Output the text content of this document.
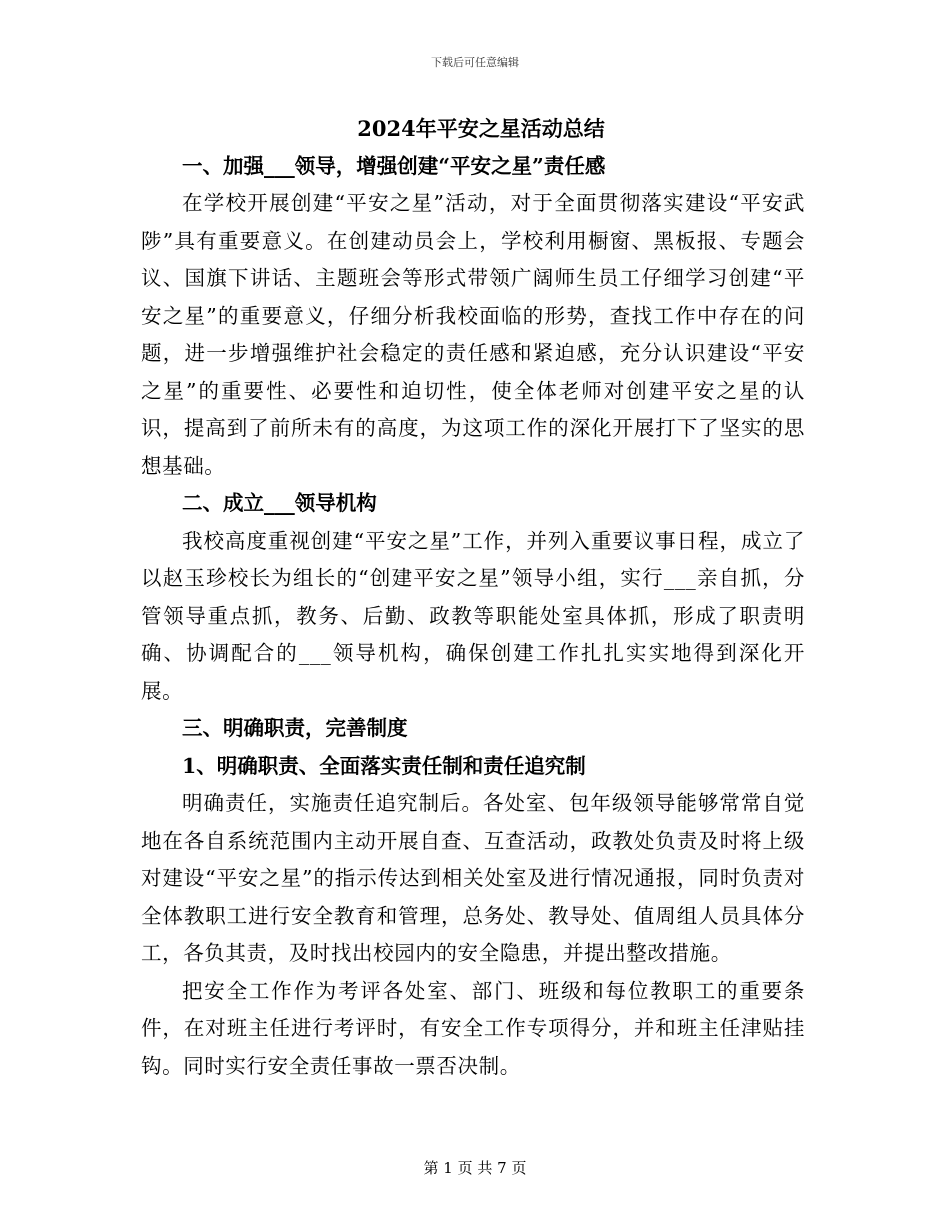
下载后可任意编辑
2024年平安之星活动总结
一、加强___领导，增强创建“平安之星”责任感

在学校开展创建“平安之星”活动，对于全面贯彻落实建设“平安武陟”具有重要意义。在创建动员会上，学校利用橱窗、黑板报、专题会议、国旗下讲话、主题班会等形式带领广阔师生员工仔细学习创建“平安之星”的重要意义，仔细分析我校面临的形势，查找工作中存在的问题，进一步增强维护社会稳定的责任感和紧迫感，充分认识建设“平安之星”的重要性、必要性和迫切性，使全体老师对创建平安之星的认识，提高到了前所未有的高度，为这项工作的深化开展打下了坚实的思想基础。

二、成立___领导机构

我校高度重视创建“平安之星”工作，并列入重要议事日程，成立了以赵玉珍校长为组长的“创建平安之星”领导小组，实行___亲自抓，分管领导重点抓，教务、后勤、政教等职能处室具体抓，形成了职责明确、协调配合的___领导机构，确保创建工作扎扎实实地得到深化开展。

三、明确职责，完善制度
1、明确职责、全面落实责任制和责任追究制

明确责任，实施责任追究制后。各处室、包年级领导能够常常自觉地在各自系统范围内主动开展自查、互查活动，政教处负责及时将上级对建设“平安之星”的指示传达到相关处室及进行情况通报，同时负责对全体教职工进行安全教育和管理，总务处、教导处、值周组人员具体分工，各负其责，及时找出校园内的安全隐患，并提出整改措施。

把安全工作作为考评各处室、部门、班级和每位教职工的重要条件，在对班主任进行考评时，有安全工作专项得分，并和班主任津贴挂钩。同时实行安全责任事故一票否决制。

第 1 页 共 7 页
